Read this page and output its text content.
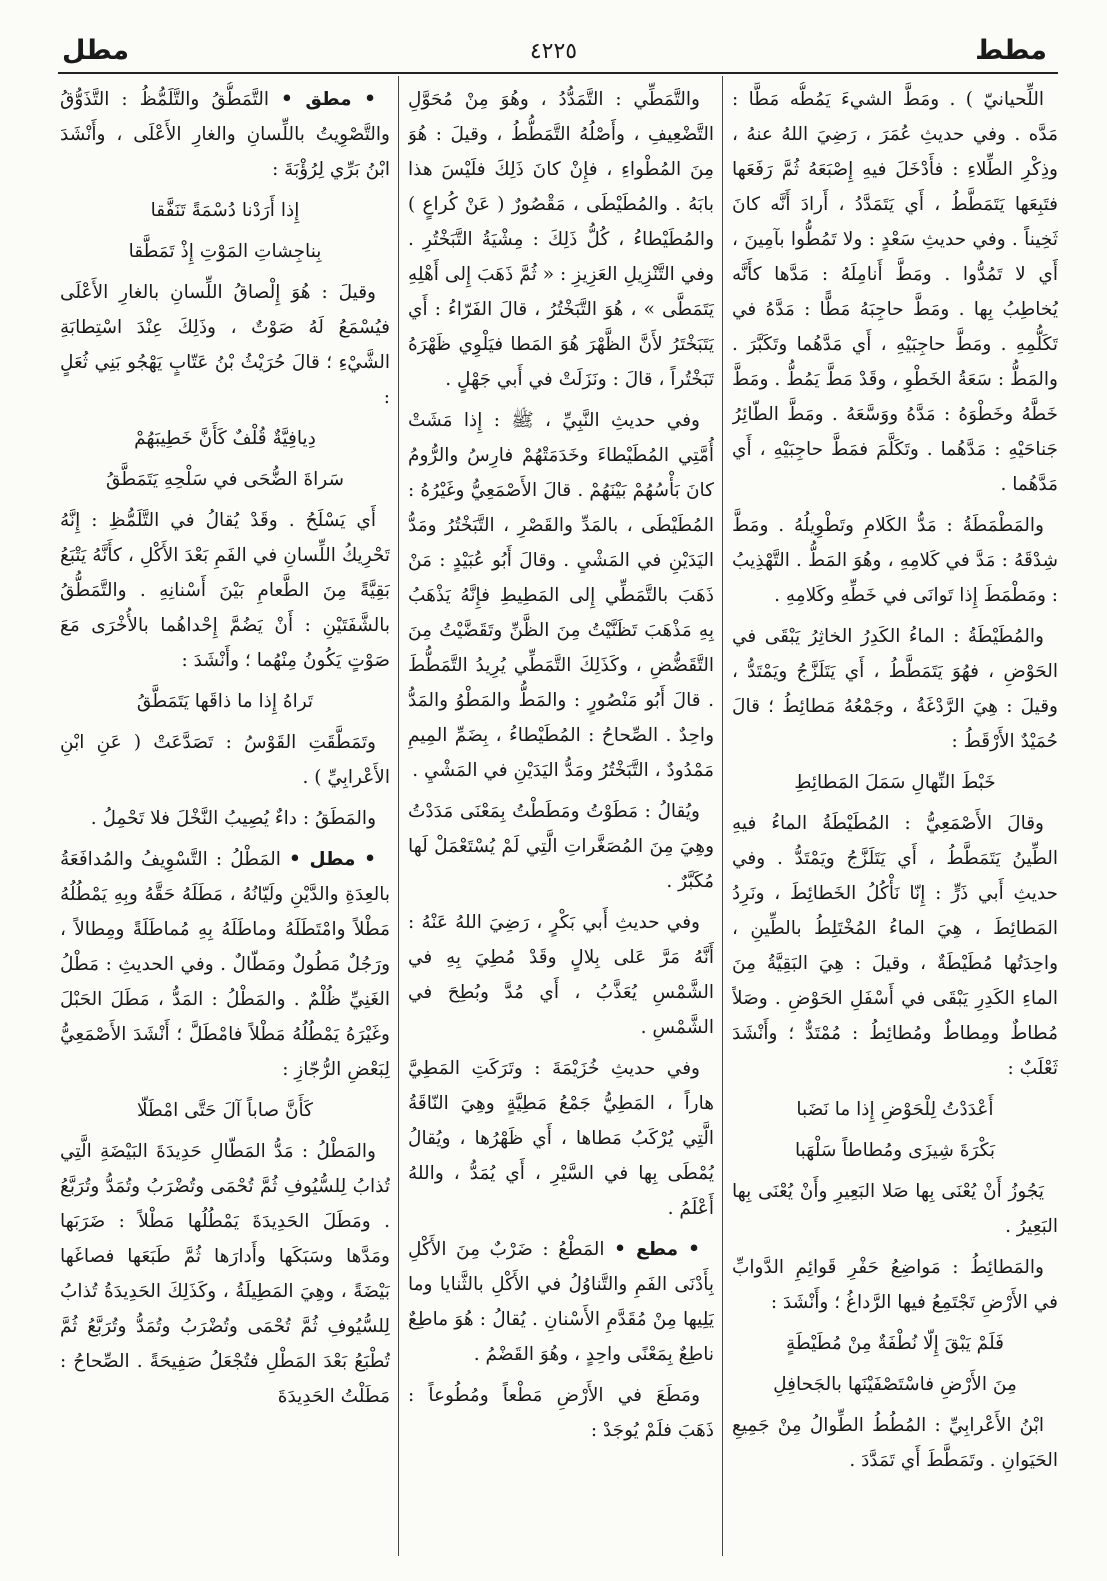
مطط
٤٢٢٥
مطل
اللِّحيانيّ ) . ومَطَّ الشيءَ يَمُطُّه مَطًّا : مَدَّه . وفي حديثِ عُمَرَ ، رَضِيَ اللهُ عنهُ ، وذِكْرِ الطِّلاءِ : فأَدْخَلَ فيهِ إِصْبَعَهُ ثُمَّ رَفَعَها فتَبِعَها يَتَمَطَّطُ ، أَي يَتَمَدَّدُ ، أَرادَ أَنَّه كانَ ثَخِيناً . وفي حديثِ سَعْدٍ : ولا تَمُطُّوا بآمِينَ ، أَي لا تَمُدُّوا . ومَطَّ أَنامِلَهُ : مَدَّها كأَنَّه يُخاطِبُ بِها . ومَطَّ حاجِبَهُ مَطًّا : مَدَّهُ في تَكَلُّمِهِ . ومَطَّ حاجِبَيْهِ ، أَي مَدَّهُما وتَكَبَّرَ . والمَطُّ : سَعَةُ الخَطْوِ ، وقَدْ مَطَّ يَمُطُّ . ومَطَّ خَطَّهُ وخَطْوَهُ : مَدَّهُ ووَسَّعَهُ . ومَطَّ الطّائِرُ جَناحَيْهِ : مَدَّهُما . وتَكَلَّمَ فمَطَّ حاجِبَيْهِ ، أَي مَدَّهُما .
والمَطْمَطَةُ : مَدُّ الكَلامِ وتَطْوِيلُهُ . ومَطَّ شِدْقَهُ : مَدَّ في كَلامِهِ ، وهُوَ المَطُّ . التَّهْذِيبُ : ومَطْمَطَ إِذا تَوانَى في خَطِّهِ وكَلامِهِ .
والمُطَيْطَةُ : الماءُ الكَدِرُ الخاثِرُ يَبْقَى في الحَوْضِ ، فهُوَ يَتَمَطَّطُ ، أَي يَتَلَزَّجُ ويَمْتَدُّ ، وقيلَ : هِيَ الرَّدْغَةُ ، وجَمْعُهُ مَطائِطُ ؛ قالَ حُمَيْدٌ الأَرْقَطُ :
خَبْطَ النِّهالِ سَمَلَ المَطائِطِ
وقالَ الأَصْمَعِيُّ : المُطَيْطَةُ الماءُ فيهِ الطِّينُ يَتَمَطَّطُ ، أَي يَتَلَزَّجُ ويَمْتَدُّ . وفي حديثِ أَبي ذَرٍّ : إِنّا نَأْكُلُ الخَطائِطَ ، ونَرِدُ المَطائِطَ ، هِيَ الماءُ المُخْتَلِطُ بالطِّينِ ، واحِدَتُها مُطَيْطَةٌ ، وقيلَ : هِيَ البَقِيَّةُ مِنَ الماءِ الكَدِرِ يَبْقَى في أَسْفَلِ الحَوْضِ . وصَلاً مُطاطٌ ومِطاطٌ ومُطائِطُ : مُمْتَدٌّ ؛ وأَنْشَدَ ثَعْلَبٌ :
أَعْدَدْتُ لِلْحَوْضِ إِذا ما نَضَبا
بَكْرَةَ شِيزَى ومُطاطاً سَلْهَبا
يَجُوزُ أَنْ يُعْنَى بِها صَلا البَعِيرِ وأَنْ يُعْنَى بِها البَعِيرُ .
والمَطائِطُ : مَواضِعُ حَفْرِ قَوائِمِ الدَّوابِّ في الأَرْضِ تَجْتَمِعُ فيها الرَّداغُ ؛ وأَنْشَدَ :
فَلَمْ يَبْقَ إِلّا نُطْفَةٌ مِنْ مُطَيْطَةٍ
مِنَ الأَرْضِ فاسْتَصْفَيْنَها بالجَحافِلِ
ابْنُ الأَعْرابِيِّ : المُطُطُ الطِّوالُ مِنْ جَمِيعِ الحَيَوانِ . وتَمَطَّطَ أَي تَمَدَّدَ .
والتَّمَطِّي : التَّمَدُّدُ ، وهُوَ مِنْ مُحَوَّلِ التَّضْعِيفِ ، وأَصْلُهُ التَّمَطُّطُ ، وقيلَ : هُوَ مِنَ المُطْواءِ ، فإِنْ كانَ ذَلِكَ فلَيْسَ هذا بابَهُ . والمُطَيْطَى ، مَقْصُورٌ ( عَنْ كُراعٍ ) والمُطَيْطاءُ ، كُلُّ ذَلِكَ : مِشْيَةُ التَّبَخْتُرِ . وفي التَّنْزِيلِ العَزِيزِ : « ثُمَّ ذَهَبَ إِلى أَهْلِهِ يَتَمَطَّى » ، هُوَ التَّبَخْتُرُ ، قالَ الفَرّاءُ : أَي يَتَبَخْتَرُ لأَنَّ الظَّهْرَ هُوَ المَطا فيَلْوِي ظَهْرَهُ تَبَخْتُراً ، قالَ : ونَزَلَتْ في أَبي جَهْلٍ .
وفي حديثِ النَّبِيِّ ، ﷺ : إِذا مَشَتْ أُمَّتِي المُطَيْطاءَ وخَدَمَتْهُمْ فارِسُ والرُّومُ كانَ بَأْسُهُمْ بَيْنَهُمْ . قالَ الأَصْمَعِيُّ وغَيْرُهُ : المُطَيْطَى ، بالمَدِّ والقَصْرِ ، التَّبَخْتُرُ ومَدُّ اليَدَيْنِ في المَشْيِ . وقالَ أَبُو عُبَيْدٍ : مَنْ ذَهَبَ بالتَّمَطِّي إِلى المَطِيطِ فإِنَّهُ يَذْهَبُ بِهِ مَذْهَبَ تَظَنَّيْتُ مِنَ الظَّنِّ وتَقَضَّيْتُ مِنَ التَّقَضُّضِ ، وكَذَلِكَ التَّمَطِّي يُرِيدُ التَّمَطُّطَ . قالَ أَبُو مَنْصُورٍ : والمَطُّ والمَطْوُ والمَدُّ واحِدٌ . الصِّحاحُ : المُطَيْطاءُ ، بِضَمِّ المِيمِ مَمْدُودٌ ، التَّبَخْتُرُ ومَدُّ اليَدَيْنِ في المَشْيِ .
ويُقالُ : مَطَوْتُ ومَطَطْتُ بِمَعْنَى مَدَدْتُ وهِيَ مِنَ المُصَغَّراتِ الَّتِي لَمْ يُسْتَعْمَلْ لَها مُكَبَّرٌ .
وفي حديثِ أَبي بَكْرٍ ، رَضِيَ اللهُ عَنْهُ : أَنَّهُ مَرَّ عَلى بِلالٍ وقَدْ مُطِيَ بِهِ في الشَّمْسِ يُعَذَّبُ ، أَي مُدَّ وبُطِحَ في الشَّمْسِ .
وفي حديثِ خُزَيْمَةَ : وتَرَكَتِ المَطِيَّ هاراً ، المَطِيُّ جَمْعُ مَطِيَّةٍ وهِيَ النّاقَةُ الَّتِي يُرْكَبُ مَطاها ، أَي ظَهْرُها ، ويُقالُ يُمْطَى بِها في السَّيْرِ ، أَي يُمَدُّ ، واللهُ أَعْلَمُ .
• مطع • المَطْعُ : ضَرْبٌ مِنَ الأَكْلِ بِأَدْنَى الفَمِ والتَّناوُلُ في الأَكْلِ بالثَّنايا وما يَلِيها مِنْ مُقَدَّمِ الأَسْنانِ . يُقالُ : هُوَ ماطِعٌ ناطِعٌ بِمَعْنًى واحِدٍ ، وهُوَ القَضْمُ .
ومَطَعَ في الأَرْضِ مَطْعاً ومُطُوعاً : ذَهَبَ فلَمْ يُوجَدْ :
• مطق • التَّمَطُّقُ والتَّلَمُّظُ : التَّذَوُّقُ والتَّصْوِيتُ باللِّسانِ والغارِ الأَعْلَى ، وأَنْشَدَ ابْنُ بَرِّي لِرُؤْبَةَ :
إِذا أَرَدْنا دُسْمَةً تَنَفَّقا
بِناجِشاتِ المَوْتِ إِذْ تَمَطَّقا
وقيلَ : هُوَ إِلْصاقُ اللِّسانِ بالغارِ الأَعْلَى فيُسْمَعُ لَهُ صَوْتٌ ، وذَلِكَ عِنْدَ اسْتِطابَةِ الشَّيْءِ ؛ قالَ حُرَيْثُ بْنُ عَتّابٍ يَهْجُو بَنِي ثُعَلٍ :
دِيافِيَّةٌ قُلْفٌ كَأَنَّ خَطِيبَهُمْ
سَراةَ الضُّحَى في سَلْحِهِ يَتَمَطَّقُ
أَي يَسْلَحُ . وقَدْ يُقالُ في التَّلَمُّظِ : إِنَّهُ تَحْرِيكُ اللِّسانِ في الفَمِ بَعْدَ الأَكْلِ ، كأَنَّهُ يَتْبَعُ بَقِيَّةً مِنَ الطَّعامِ بَيْنَ أَسْنانِهِ . والتَّمَطُّقُ بالشَّفَتَيْنِ : أَنْ يَضُمَّ إِحْداهُما بالأُخْرَى مَعَ صَوْتٍ يَكُونُ مِنْهُما ؛ وأَنْشَدَ :
تَراهُ إِذا ما ذاقَها يَتَمَطَّقُ
وتَمَطَّقَتِ القَوْسُ : تَصَدَّعَتْ ( عَنِ ابْنِ الأَعْرابِيِّ ) .
والمَطَقُ : داءٌ يُصِيبُ النَّخْلَ فلا تَحْمِلُ .
• مطل • المَطْلُ : التَّسْوِيفُ والمُدافَعَةُ بالعِدَةِ والدَّيْنِ ولَيّانُهُ ، مَطَلَهُ حَقَّهُ وبِهِ يَمْطُلُهُ مَطْلاً وامْتَطَلَهُ وماطَلَهُ بِهِ مُماطَلَةً ومِطالاً ، ورَجُلٌ مَطُولٌ ومَطّالٌ . وفي الحديثِ : مَطْلُ الغَنِيِّ ظُلْمٌ . والمَطْلُ : المَدُّ ، مَطَلَ الحَبْلَ وغَيْرَهُ يَمْطُلُهُ مَطْلاً فامْطَلَّ ؛ أَنْشَدَ الأَصْمَعِيُّ لِبَعْضِ الرُّجّازِ :
كَأَنَّ صاباً آلَ حَتَّى امْطَلّا
والمَطْلُ : مَدُّ المَطّالِ حَدِيدَةَ البَيْضَةِ الَّتِي تُذابُ لِلسُّيُوفِ ثُمَّ تُحْمَى وتُضْرَبُ وتُمَدُّ وتُرَبَّعُ . ومَطَلَ الحَدِيدَةَ يَمْطُلُها مَطْلاً : ضَرَبَها ومَدَّها وسَبَكَها وأَدارَها ثُمَّ طَبَعَها فصاغَها بَيْضَةً ، وهِيَ المَطِيلَةُ ، وكَذَلِكَ الحَدِيدَةُ تُذابُ لِلسُّيُوفِ ثُمَّ تُحْمَى وتُضْرَبُ وتُمَدُّ وتُرَبَّعُ ثُمَّ تُطْبَعُ بَعْدَ المَطْلِ فتُجْعَلُ صَفِيحَةً . الصِّحاحُ : مَطَلْتُ الحَدِيدَةَ
